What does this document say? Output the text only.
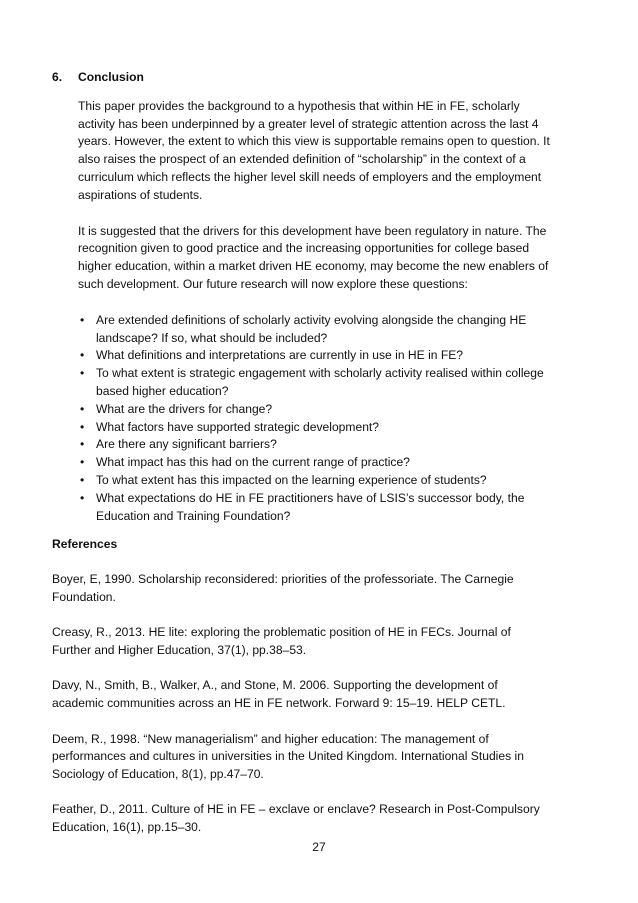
6.	Conclusion

This paper provides the background to a hypothesis that within HE in FE, scholarly activity has been underpinned by a greater level of strategic attention across the last 4 years. However, the extent to which this view is supportable remains open to question. It also raises the prospect of an extended definition of “scholarship” in the context of a curriculum which reflects the higher level skill needs of employers and the employment aspirations of students.

It is suggested that the drivers for this development have been regulatory in nature. The recognition given to good practice and the increasing opportunities for college based higher education, within a market driven HE economy, may become the new enablers of such development. Our future research will now explore these questions:

• Are extended definitions of scholarly activity evolving alongside the changing HE landscape? If so, what should be included?
• What definitions and interpretations are currently in use in HE in FE?
• To what extent is strategic engagement with scholarly activity realised within college based higher education?
• What are the drivers for change?
• What factors have supported strategic development?
• Are there any significant barriers?
• What impact has this had on the current range of practice?
• To what extent has this impacted on the learning experience of students?
• What expectations do HE in FE practitioners have of LSIS’s successor body, the Education and Training Foundation?

References

Boyer, E, 1990. Scholarship reconsidered: priorities of the professoriate. The Carnegie Foundation.

Creasy, R., 2013. HE lite: exploring the problematic position of HE in FECs. Journal of Further and Higher Education, 37(1), pp.38–53.

Davy, N., Smith, B., Walker, A., and Stone, M. 2006. Supporting the development of academic communities across an HE in FE network. Forward 9: 15–19. HELP CETL.

Deem, R., 1998. “New managerialism” and higher education: The management of performances and cultures in universities in the United Kingdom. International Studies in Sociology of Education, 8(1), pp.47–70.

Feather, D., 2011. Culture of HE in FE – exclave or enclave? Research in Post-Compulsory Education, 16(1), pp.15–30.

27
